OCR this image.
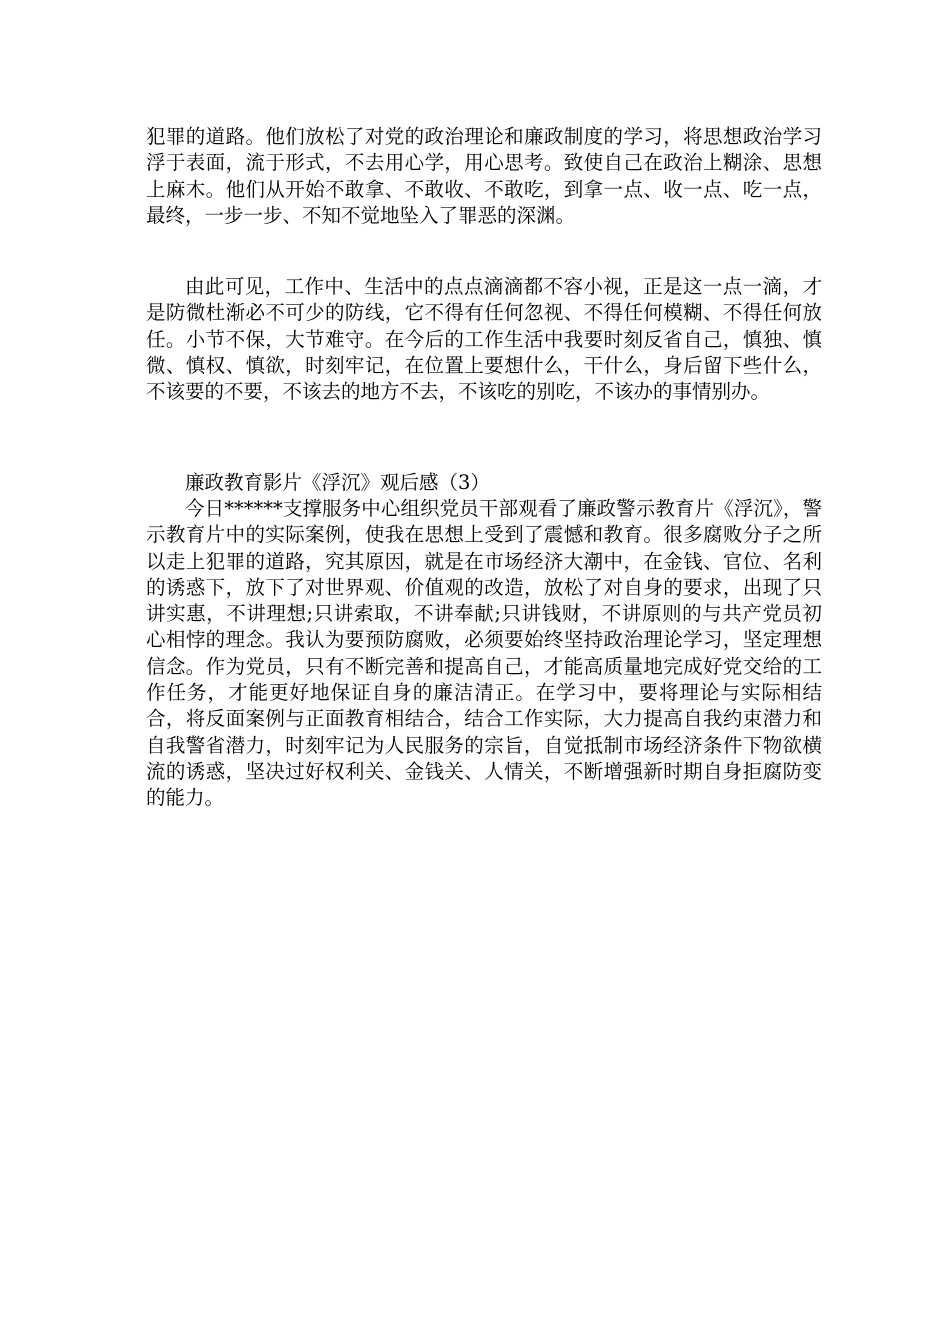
犯罪的道路。他们放松了对党的政治理论和廉政制度的学习，将思想政治学习浮于表面，流于形式，不去用心学，用心思考。致使自己在政治上糊涂、思想上麻木。他们从开始不敢拿、不敢收、不敢吃，到拿一点、收一点、吃一点，最终，一步一步、不知不觉地坠入了罪恶的深渊。

由此可见，工作中、生活中的点点滴滴都不容小视，正是这一点一滴，才是防微杜渐必不可少的防线，它不得有任何忽视、不得任何模糊、不得任何放任。小节不保，大节难守。在今后的工作生活中我要时刻反省自己，慎独、慎微、慎权、慎欲，时刻牢记，在位置上要想什么，干什么，身后留下些什么，不该要的不要，不该去的地方不去，不该吃的别吃，不该办的事情别办。

廉政教育影片《浮沉》观后感（3）

今日******支撑服务中心组织党员干部观看了廉政警示教育片《浮沉》，警示教育片中的实际案例，使我在思想上受到了震憾和教育。很多腐败分子之所以走上犯罪的道路，究其原因，就是在市场经济大潮中，在金钱、官位、名利的诱惑下，放下了对世界观、价值观的改造，放松了对自身的要求，出现了只讲实惠，不讲理想;只讲索取，不讲奉献;只讲钱财，不讲原则的与共产党员初心相悖的理念。我认为要预防腐败，必须要始终坚持政治理论学习，坚定理想信念。作为党员，只有不断完善和提高自己，才能高质量地完成好党交给的工作任务，才能更好地保证自身的廉洁清正。在学习中，要将理论与实际相结合，将反面案例与正面教育相结合，结合工作实际，大力提高自我约束潜力和自我警省潜力，时刻牢记为人民服务的宗旨，自觉抵制市场经济条件下物欲横流的诱惑，坚决过好权利关、金钱关、人情关，不断增强新时期自身拒腐防变的能力。
